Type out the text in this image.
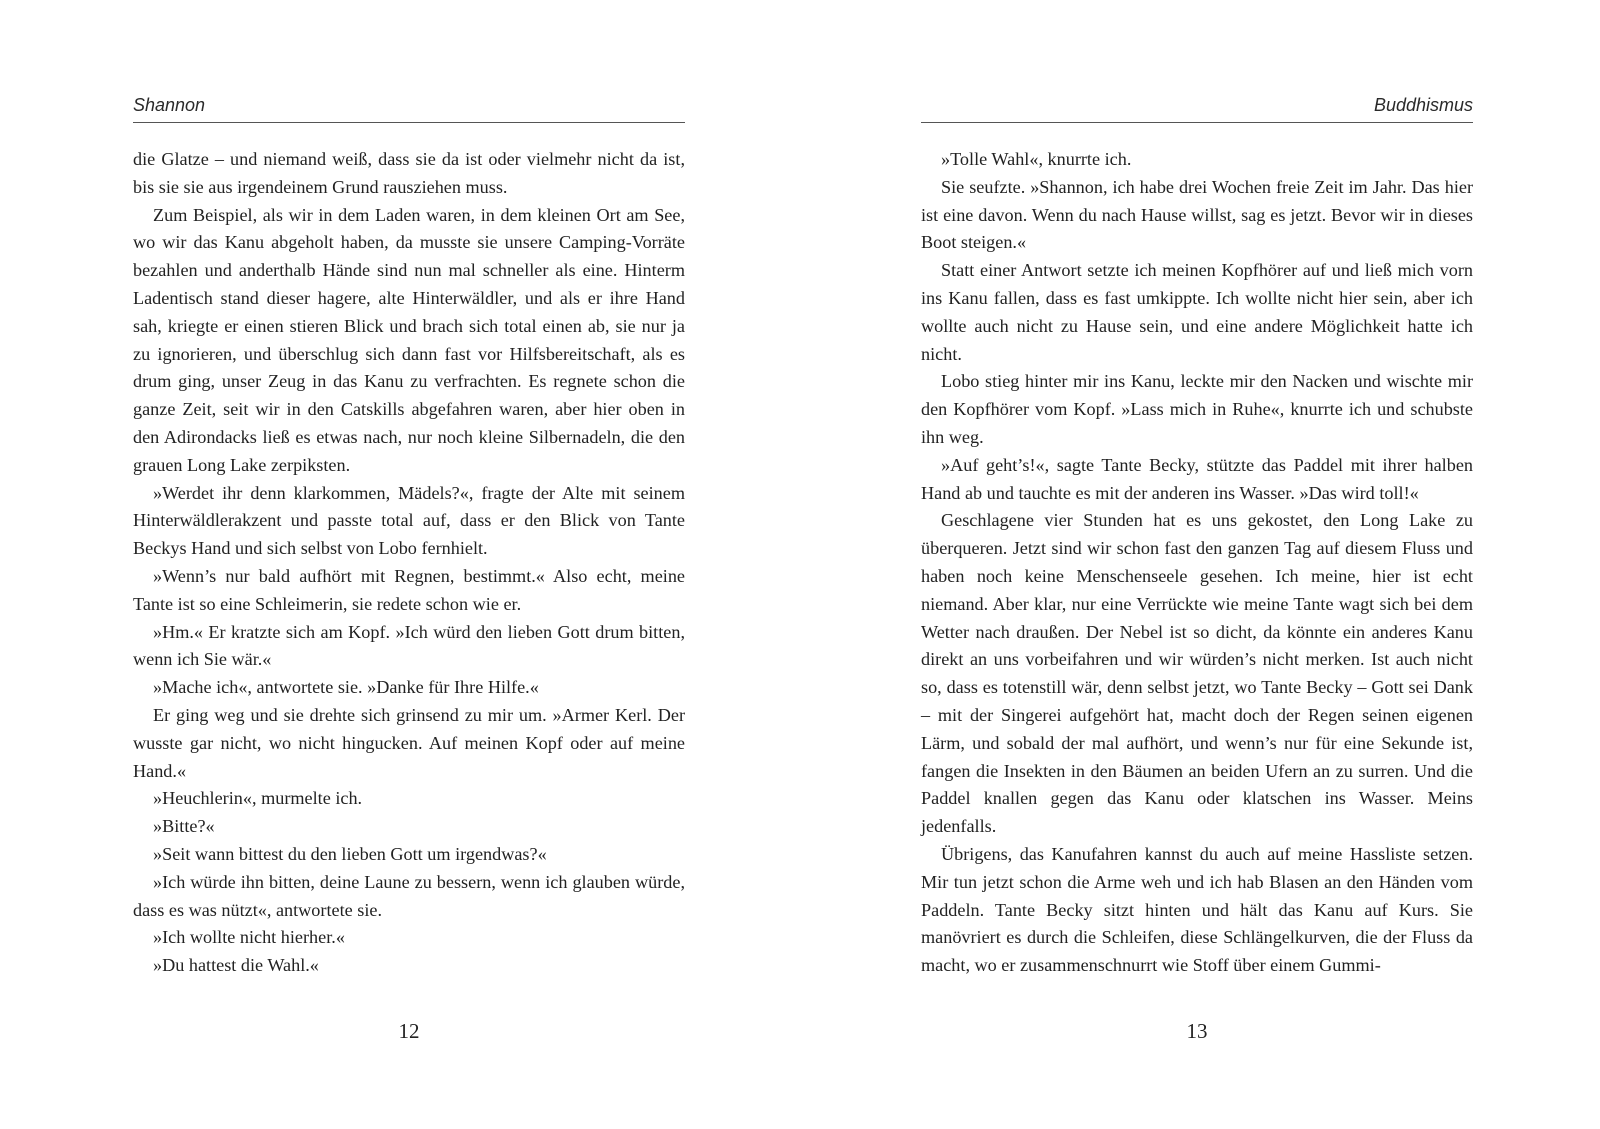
Shannon

die Glatze – und niemand weiß, dass sie da ist oder vielmehr nicht da ist, bis sie sie aus irgendeinem Grund rausziehen muss.

Zum Beispiel, als wir in dem Laden waren, in dem kleinen Ort am See, wo wir das Kanu abgeholt haben, da musste sie unsere Camping-Vorräte bezahlen und anderthalb Hände sind nun mal schneller als eine. Hinterm Ladentisch stand dieser hagere, alte Hinterwäldler, und als er ihre Hand sah, kriegte er einen stieren Blick und brach sich total einen ab, sie nur ja zu ignorieren, und überschlug sich dann fast vor Hilfsbereitschaft, als es drum ging, unser Zeug in das Kanu zu verfrachten. Es regnete schon die ganze Zeit, seit wir in den Catskills abgefahren waren, aber hier oben in den Adirondacks ließ es etwas nach, nur noch kleine Silbernadeln, die den grauen Long Lake zerpiksten.

»Werdet ihr denn klarkommen, Mädels?«, fragte der Alte mit seinem Hinterwäldlerakzent und passte total auf, dass er den Blick von Tante Beckys Hand und sich selbst von Lobo fernhielt.

»Wenn’s nur bald aufhört mit Regnen, bestimmt.« Also echt, meine Tante ist so eine Schleimerin, sie redete schon wie er.

»Hm.« Er kratzte sich am Kopf. »Ich würd den lieben Gott drum bitten, wenn ich Sie wär.«

»Mache ich«, antwortete sie. »Danke für Ihre Hilfe.«

Er ging weg und sie drehte sich grinsend zu mir um. »Armer Kerl. Der wusste gar nicht, wo nicht hingucken. Auf meinen Kopf oder auf meine Hand.«

»Heuchlerin«, murmelte ich.

»Bitte?«

»Seit wann bittest du den lieben Gott um irgendwas?«

»Ich würde ihn bitten, deine Laune zu bessern, wenn ich glauben würde, dass es was nützt«, antwortete sie.

»Ich wollte nicht hierher.«

»Du hattest die Wahl.«

12
Buddhismus

»Tolle Wahl«, knurrte ich.

Sie seufzte. »Shannon, ich habe drei Wochen freie Zeit im Jahr. Das hier ist eine davon. Wenn du nach Hause willst, sag es jetzt. Bevor wir in dieses Boot steigen.«

Statt einer Antwort setzte ich meinen Kopfhörer auf und ließ mich vorn ins Kanu fallen, dass es fast umkippte. Ich wollte nicht hier sein, aber ich wollte auch nicht zu Hause sein, und eine andere Möglichkeit hatte ich nicht.

Lobo stieg hinter mir ins Kanu, leckte mir den Nacken und wischte mir den Kopfhörer vom Kopf. »Lass mich in Ruhe«, knurrte ich und schubste ihn weg.

»Auf geht’s!«, sagte Tante Becky, stützte das Paddel mit ihrer halben Hand ab und tauchte es mit der anderen ins Wasser. »Das wird toll!«

Geschlagene vier Stunden hat es uns gekostet, den Long Lake zu überqueren. Jetzt sind wir schon fast den ganzen Tag auf diesem Fluss und haben noch keine Menschenseele gesehen. Ich meine, hier ist echt niemand. Aber klar, nur eine Verrückte wie meine Tante wagt sich bei dem Wetter nach draußen. Der Nebel ist so dicht, da könnte ein anderes Kanu direkt an uns vorbeifahren und wir würden’s nicht merken. Ist auch nicht so, dass es totenstill wär, denn selbst jetzt, wo Tante Becky – Gott sei Dank – mit der Singerei aufgehört hat, macht doch der Regen seinen eigenen Lärm, und sobald der mal aufhört, und wenn’s nur für eine Sekunde ist, fangen die Insekten in den Bäumen an beiden Ufern an zu surren. Und die Paddel knallen gegen das Kanu oder klatschen ins Wasser. Meins jedenfalls.

Übrigens, das Kanufahren kannst du auch auf meine Hassliste setzen. Mir tun jetzt schon die Arme weh und ich hab Blasen an den Händen vom Paddeln. Tante Becky sitzt hinten und hält das Kanu auf Kurs. Sie manövriert es durch die Schleifen, diese Schlängelkurven, die der Fluss da macht, wo er zusammenschnurrt wie Stoff über einem Gummi-

13
